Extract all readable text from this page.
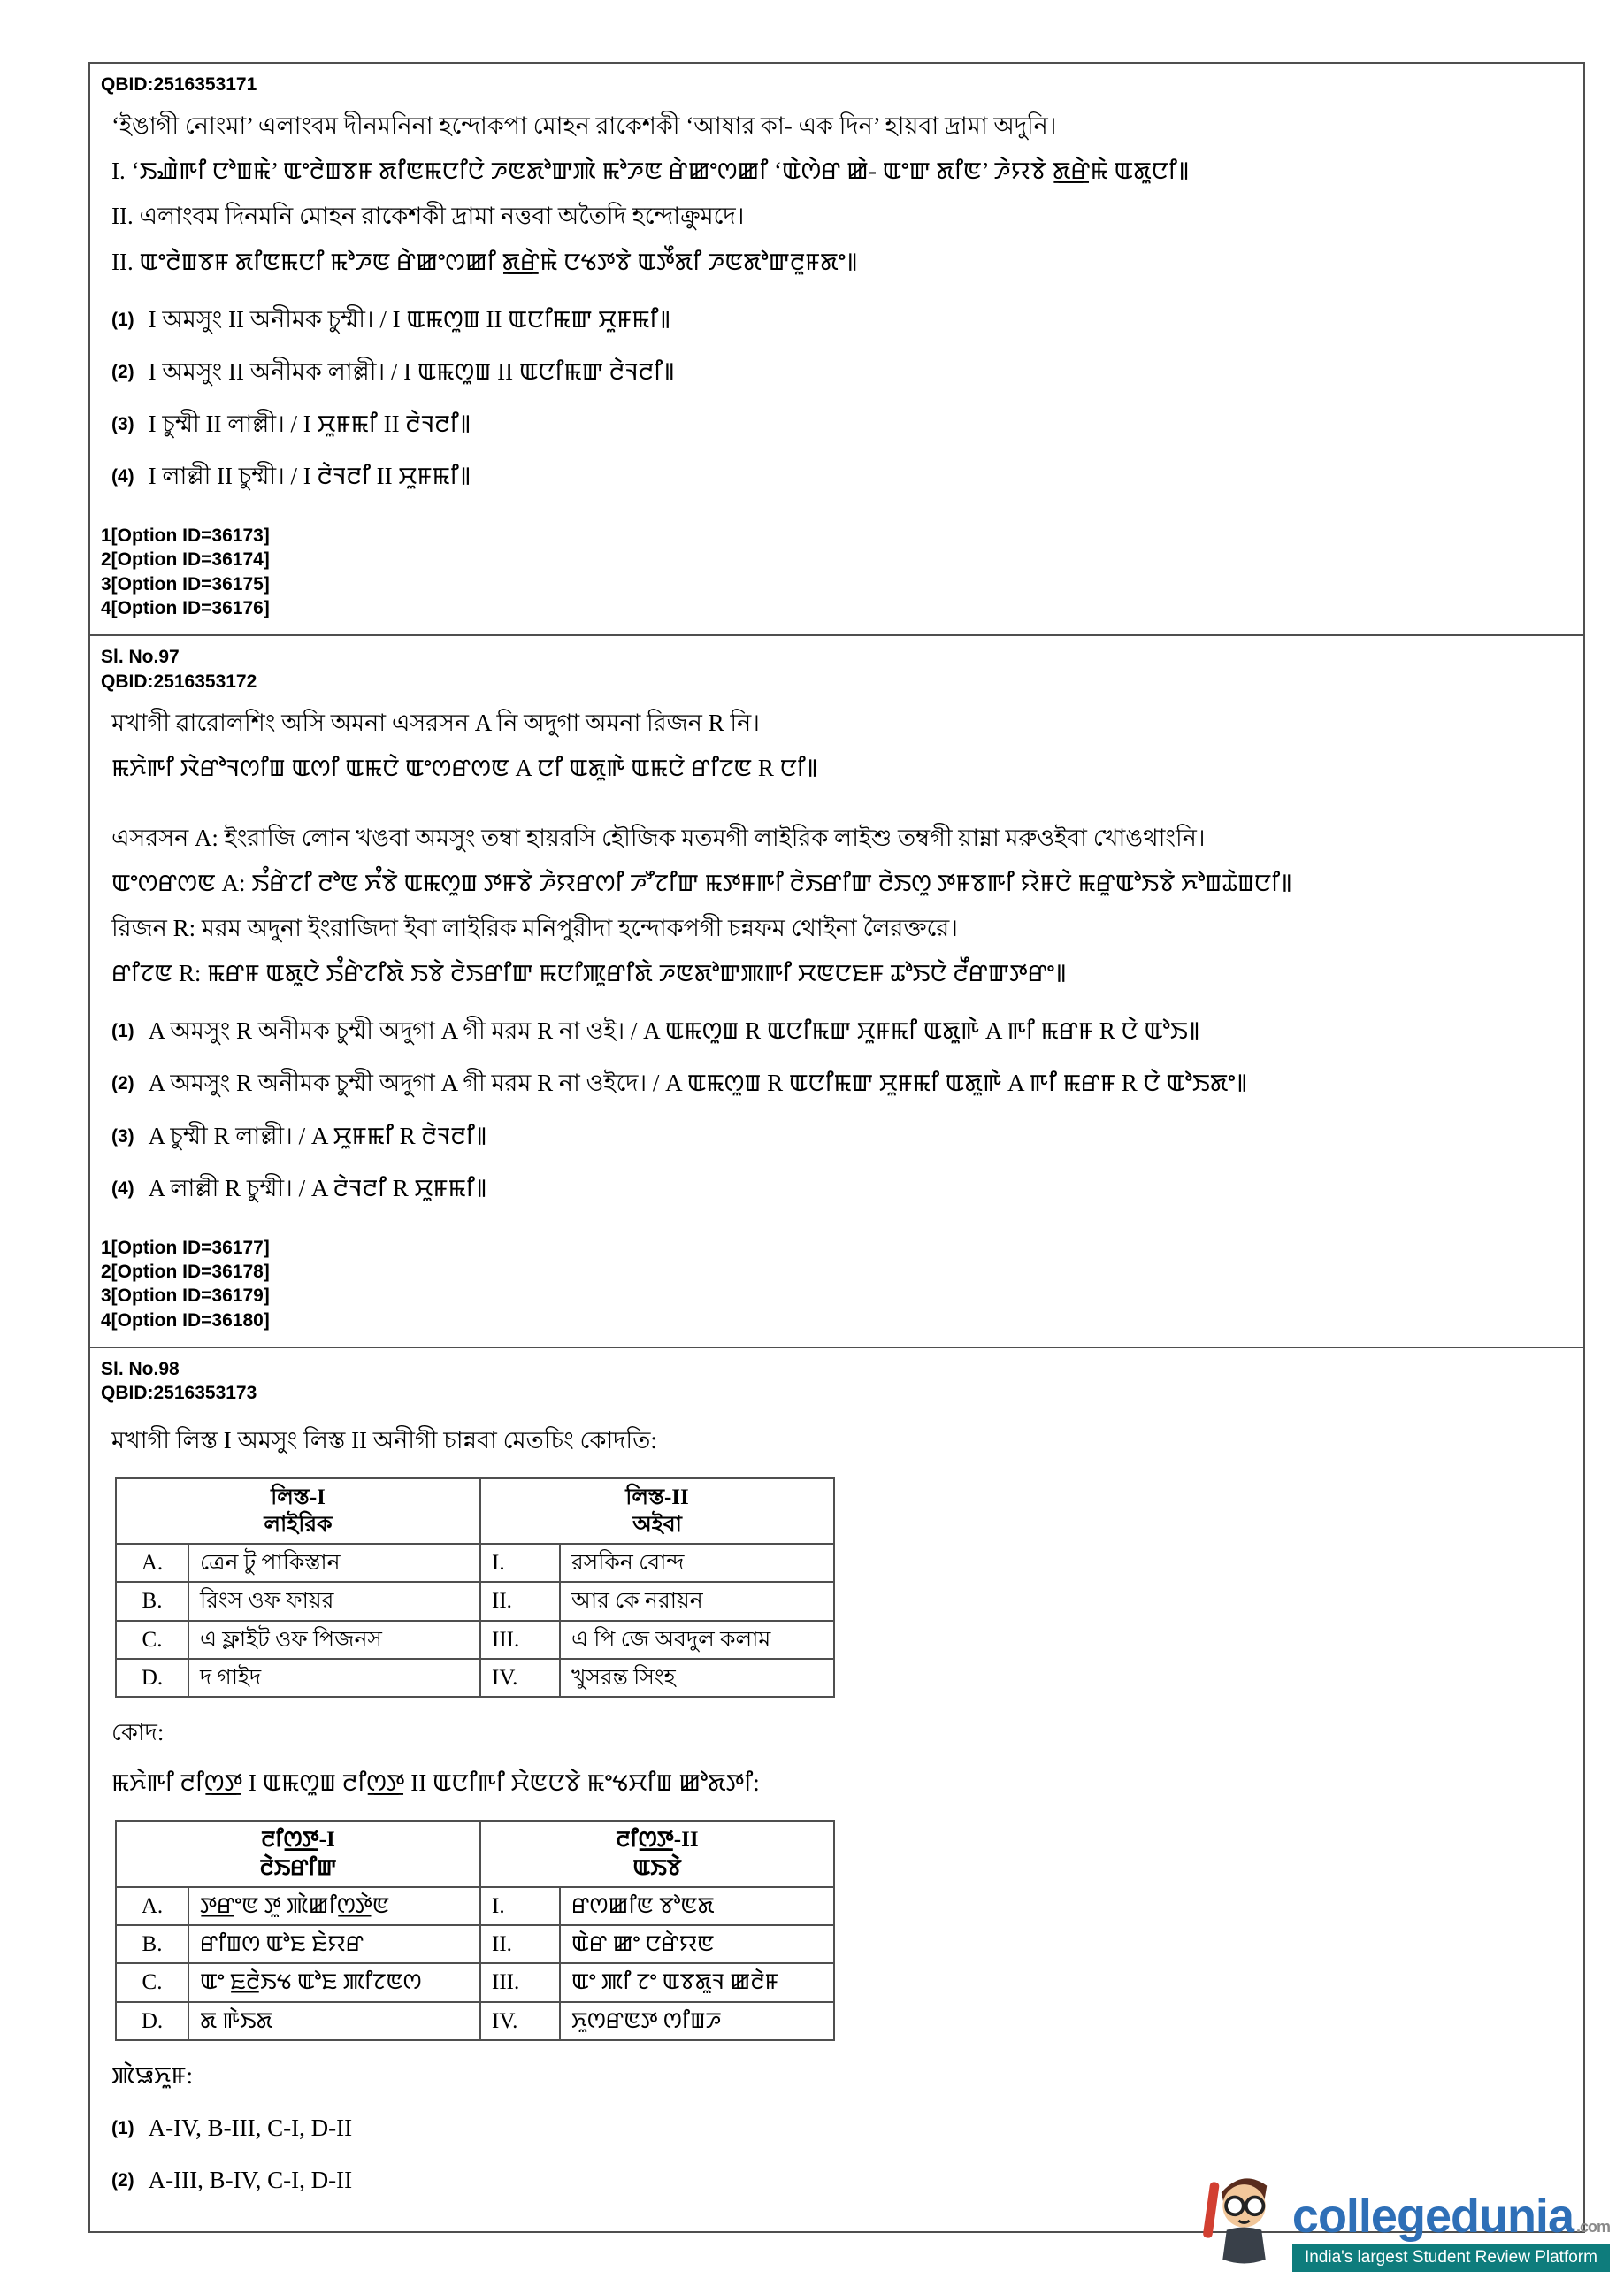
QBID:2516353171

‘ইঙাগী নোংমা’ এলাংবম দীনমনিনা হন্দোকপা মোহন রাকেশকী ‘আষার কা- এক দিন’ হায়বা দ্রামা অদুনি।

I. ‘ꯏꯉꯥꯒꯤ ꯅꯣꯡꯃꯥ’ ꯑꯦꯂꯥꯡꯕꯝ ꯗꯤꯟꯃꯅꯤꯅꯥ ꯍꯟꯗꯣꯛꯄꯥ ꯃꯣꯍꯟ ꯔꯥꯀꯦꯁꯀꯤ ‘ꯑꯥꯁꯥꯔ ꯀꯥ- ꯑꯦꯛ ꯗꯤꯟ’ ꯍꯥꯌꯕꯥ ꯗ꯭ꯔꯥꯃꯥ ꯑꯗꯨꯅꯤ꯫

II. এলাংবম দিনমনি মোহন রাকেশকী দ্রামা নত্তবা অতৈদি হন্দোক্রুমদে।

II. ꯑꯦꯂꯥꯡꯕꯝ ꯗꯤꯟꯃꯅꯤ ꯃꯣꯍꯟ ꯔꯥꯀꯦꯁꯀꯤ ꯗ꯭ꯔꯥꯃꯥ ꯅꯠꯇꯕꯥ ꯑꯇꯩꯗꯤ ꯍꯟꯗꯣꯛꯂꯨꯝꯗꯦ꯫

(1) I অমসুং II অনীমক চুম্মী। / I ꯑꯃꯁꯨꯡ II ꯑꯅꯤꯃꯛ ꯆꯨꯝꯃꯤ꯫
(2) I অমসুং II অনীমক লাল্লী। / I ꯑꯃꯁꯨꯡ II ꯑꯅꯤꯃꯛ ꯂꯥꯜꯂꯤ꯫
(3) I চুম্মী II লাল্লী। / I ꯆꯨꯝꯃꯤ II ꯂꯥꯜꯂꯤ꯫
(4) I লাল্লী II চুম্মী। / I ꯂꯥꯜꯂꯤ II ꯆꯨꯝꯃꯤ꯫
1[Option ID=36173]
2[Option ID=36174]
3[Option ID=36175]
4[Option ID=36176]
Sl. No.97
QBID:2516353172

মখাগী ৱারোলশিং অসি অমনা এসরসন A নি অদুগা অমনা রিজন R নি।

ꯃꯈꯥꯒꯤ ꯋꯥꯔꯣꯜꯁꯤꯡ ꯑꯁꯤ ꯑꯃꯅꯥ ꯑꯦꯁꯔꯁꯟ A ꯅꯤ ꯑꯗꯨꯒꯥ ꯑꯃꯅꯥ ꯔꯤꯖꯟ R ꯅꯤ꯫

এসরসন A: ইংরাজি লোন খঙবা অমসুং তম্বা হায়রসি হৌজিক মতমগী লাইরিক লাইশু তম্বগী য়াম্না মরুওইবা খোঙথাংনি।

ꯑꯦꯁꯔꯁꯟ A: ꯏꯪꯔꯥꯖꯤ ꯂꯣꯟ ꯈꯪꯕꯥ ꯑꯃꯁꯨꯡ ꯇꯝꯕꯥ ꯍꯥꯌꯔꯁꯤ ꯍꯧꯖꯤꯛ ꯃꯇꯝꯒꯤ ꯂꯥꯏꯔꯤꯛ ꯂꯥꯏꯁꯨ ꯇꯝꯕꯒꯤ ꯌꯥꯝꯅꯥ ꯃꯔꯨꯑꯣꯏꯕꯥ ꯈꯣꯡꯊꯥꯡꯅꯤ꯫

রিজন R: মরম অদুনা ইংরাজিদা ইবা লাইরিক মনিপুরীদা হন্দোকপগী চন্নফম থোইনা লৈরক্তরে।

ꯔꯤꯖꯟ R: ꯃꯔꯝ ꯑꯗꯨꯅꯥ ꯏꯪꯔꯥꯖꯤꯗꯥ ꯏꯕꯥ ꯂꯥꯏꯔꯤꯛ ꯃꯅꯤꯄꯨꯔꯤꯗꯥ ꯍꯟꯗꯣꯛꯄꯒꯤ ꯆꯟꯅꯐꯝ ꯊꯣꯏꯅꯥ ꯂꯩꯔꯛꯇꯔꯦ꯫

(1) A অমসুং R অনীমক চুম্মী অদুগা A গী মরম R না ওই। / A ꯑꯃꯁꯨꯡ R ꯑꯅꯤꯃꯛ ꯆꯨꯝꯃꯤ ꯑꯗꯨꯒꯥ A ꯒꯤ ꯃꯔꯝ R ꯅꯥ ꯑꯣꯏ꯫
(2) A অমসুং R অনীমক চুম্মী অদুগা A গী মরম R না ওইদে। / A ꯑꯃꯁꯨꯡ R ꯑꯅꯤꯃꯛ ꯆꯨꯝꯃꯤ ꯑꯗꯨꯒꯥ A ꯒꯤ ꯃꯔꯝ R ꯅꯥ ꯑꯣꯏꯗꯦ꯫
(3) A চুম্মী R লাল্লী। / A ꯆꯨꯝꯃꯤ R ꯂꯥꯜꯂꯤ꯫
(4) A লাল্লী R চুম্মী। / A ꯂꯥꯜꯂꯤ R ꯆꯨꯝꯃꯤ꯫
1[Option ID=36177]
2[Option ID=36178]
3[Option ID=36179]
4[Option ID=36180]
Sl. No.98
QBID:2516353173

মখাগী লিস্ত I অমসুং লিস্ত II অনীগী চান্নবা মেতচিং কোদতি:

লিস্ত-I
লাইরিক

লিস্ত-II
অইবা

A.	ত্রেন টু পাকিস্তান	I.	রসকিন বোন্দ
B.	রিংস ওফ ফায়র	II.	আর কে নরায়ন
C.	এ ফ্লাইট ওফ পিজনস	III.	এ পি জে অবদুল কলাম
D.	দ গাইদ	IV.	খুসরন্ত সিংহ

কোদ:

ꯃꯈꯥꯒꯤ ꯂꯤꯁ꯭ꯇ I ꯑꯃꯁꯨꯡ ꯂꯤꯁ꯭ꯇ II ꯑꯅꯤꯒꯤ ꯆꯥꯟꯅꯕꯥ ꯃꯦꯠꯆꯤꯡ ꯀꯣꯗꯇꯤ:

ꯂꯤꯁ꯭ꯇ-I
ꯂꯥꯏꯔꯤꯛ

ꯂꯤꯁ꯭ꯇ-II
ꯑꯏꯕꯥ

A.	ꯇ꯭ꯔꯦꯟ ꯇꯨ ꯄꯥꯀꯤꯁ꯭ꯇꯥꯟ	I.	ꯔꯁꯀꯤꯟ ꯕꯣꯟꯗ
B.	ꯔꯤꯡꯁ ꯑꯣꯐ ꯐꯥꯌꯔ	II.	ꯑꯥꯔ ꯀꯦ ꯅꯔꯥꯌꯟ
C.	ꯑꯦ ꯐ꯭ꯂꯥꯏꯠ ꯑꯣꯐ ꯄꯤꯖꯟꯁ	III.	ꯑꯦ ꯄꯤ ꯖꯦ ꯑꯕꯗꯨꯜ ꯀꯂꯥꯝ
D.	ꯗ ꯒꯥꯏꯗ	IV.	ꯈꯨꯁꯔꯟꯇ ꯁꯤꯡꯍ

ꯄꯥꯎꯈꯨꯝ:

(1) A-IV, B-III, C-I, D-II
(2) A-III, B-IV, C-I, D-II
collegedunia .com
India's largest Student Review Platform
